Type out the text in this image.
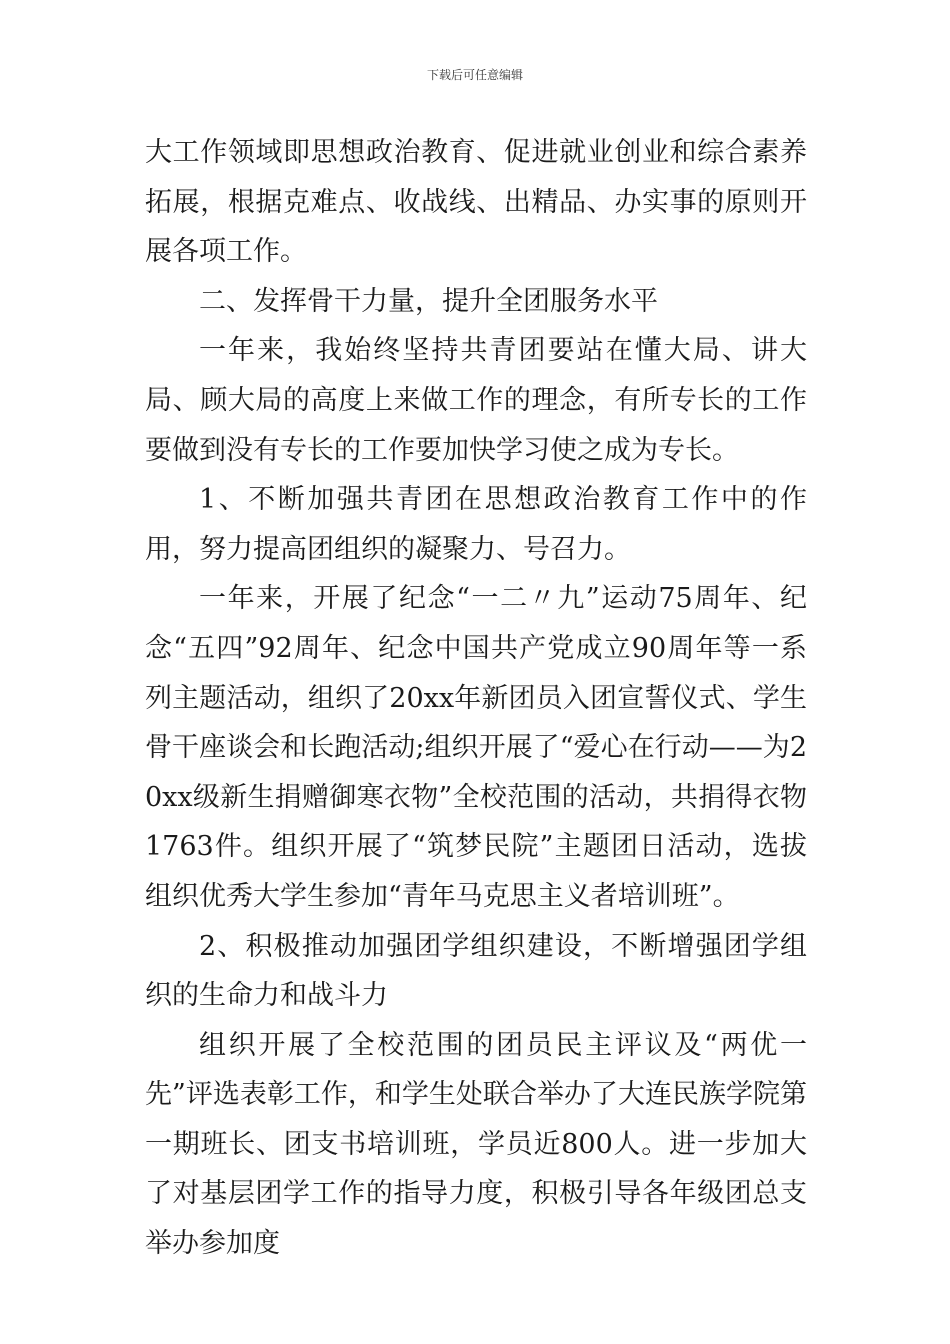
下载后可任意编辑

大工作领域即思想政治教育、促进就业创业和综合素养拓展，根据克难点、收战线、出精品、办实事的原则开展各项工作。

二、发挥骨干力量，提升全团服务水平

一年来，我始终坚持共青团要站在懂大局、讲大局、顾大局的高度上来做工作的理念，有所专长的工作要做到没有专长的工作要加快学习使之成为专长。

1、不断加强共青团在思想政治教育工作中的作用，努力提高团组织的凝聚力、号召力。

一年来，开展了纪念“一二〃九”运动75周年、纪念“五四”92周年、纪念中国共产党成立90周年等一系列主题活动，组织了20xx年新团员入团宣誓仪式、学生骨干座谈会和长跑活动;组织开展了“爱心在行动——为20xx级新生捐赠御寒衣物”全校范围的活动，共捐得衣物1763件。组织开展了“筑梦民院”主题团日活动，选拔组织优秀大学生参加“青年马克思主义者培训班”。

2、积极推动加强团学组织建设，不断增强团学组织的生命力和战斗力

组织开展了全校范围的团员民主评议及“两优一先”评选表彰工作，和学生处联合举办了大连民族学院第一期班长、团支书培训班，学员近800人。进一步加大了对基层团学工作的指导力度，积极引导各年级团总支举办参加度
